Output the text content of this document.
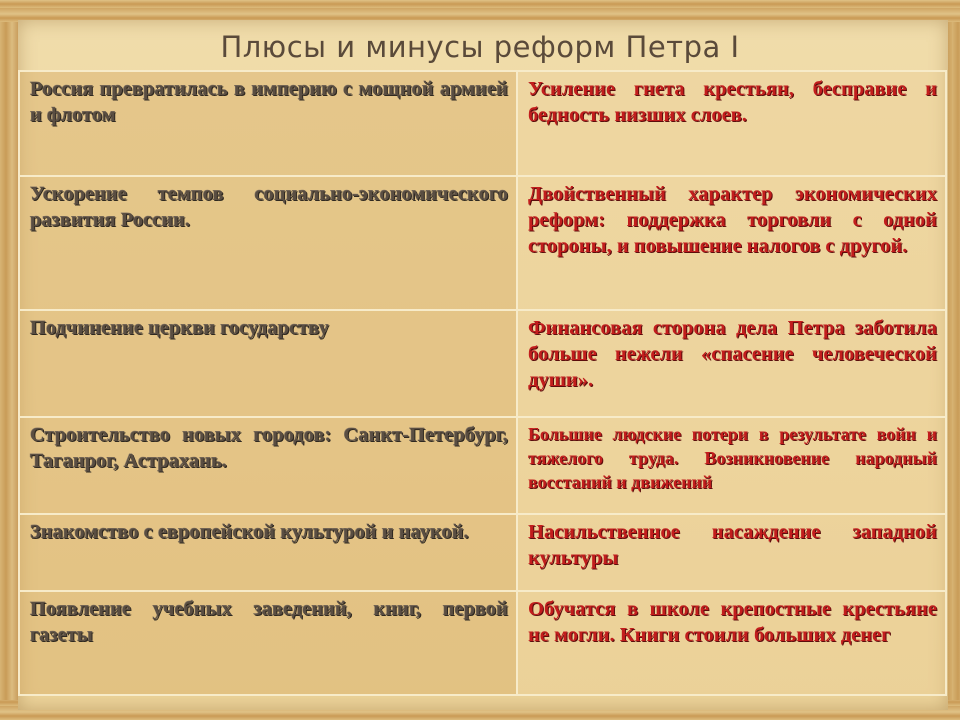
Плюсы и минусы реформ Петра I
Россия превратилась в империю с мощной армией и флотом	Усиление гнета крестьян, бесправие и бедность низших слоев.
Ускорение темпов социально-экономического развития России.	Двойственный характер экономических реформ: поддержка торговли с одной стороны, и повышение налогов с другой.
Подчинение церкви государству	Финансовая сторона дела Петра заботила больше нежели «спасение человеческой души».
Строительство новых городов: Санкт-Петербург, Таганрог, Астрахань.	Большие людские потери в результате войн и тяжелого труда. Возникновение народный восстаний и движений
Знакомство с европейской культурой и наукой.	Насильственное насаждение западной культуры
Появление учебных заведений, книг, первой газеты	Обучатся в школе крепостные крестьяне не могли. Книги стоили больших денег
